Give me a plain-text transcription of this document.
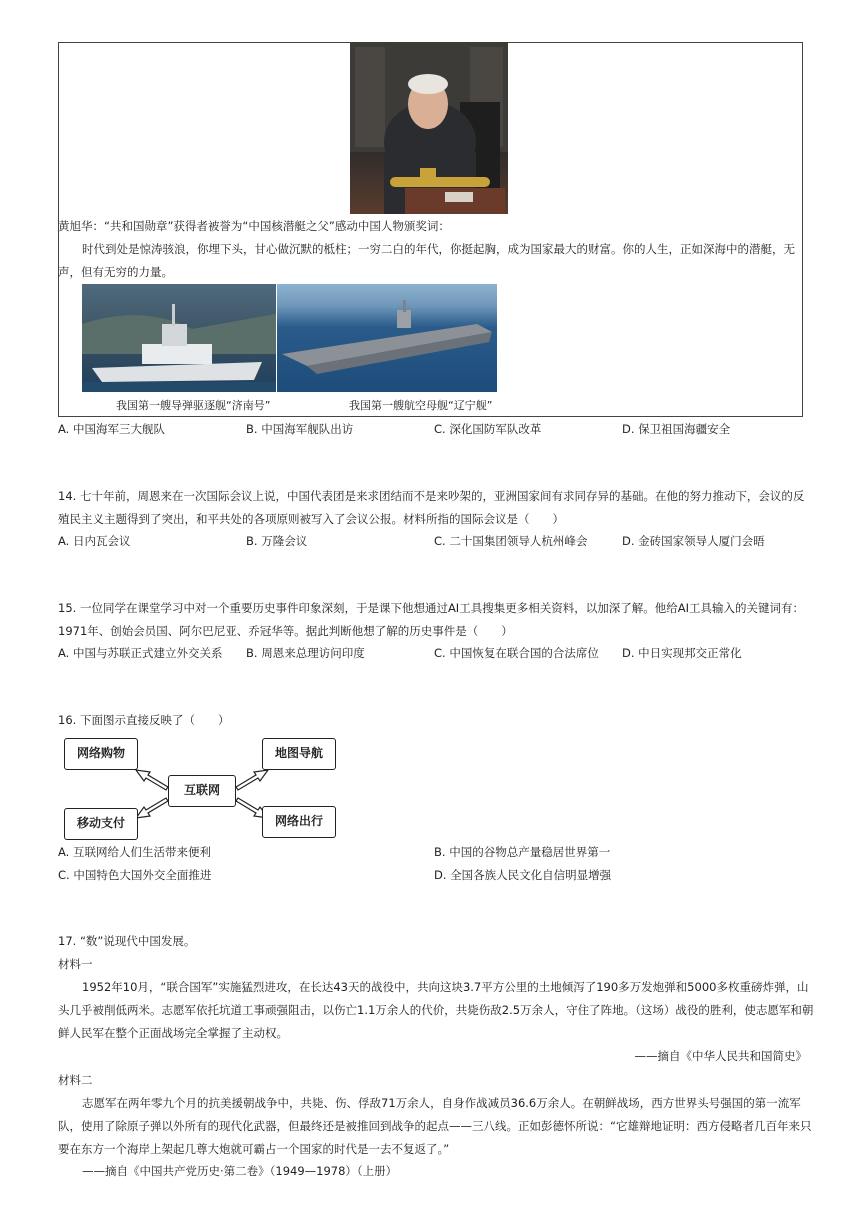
黄旭华：“共和国勋章”获得者被誉为“中国核潜艇之父”感动中国人物颁奖词：
时代到处是惊涛骇浪，你埋下头，甘心做沉默的柢柱；一穷二白的年代，你挺起胸，成为国家最大的财富。你的人生，正如深海中的潜艇，无声，但有无穷的力量。
我国第一艘导弹驱逐舰“济南号”	我国第一艘航空母舰“辽宁舰”
A. 中国海军三大舰队	B. 中国海军舰队出访	C. 深化国防军队改革	D. 保卫祖国海疆安全
14. 七十年前，周恩来在一次国际会议上说，中国代表团是来求团结而不是来吵架的，亚洲国家间有求同存异的基础。在他的努力推动下，会议的反殖民主义主题得到了突出，和平共处的各项原则被写入了会议公报。材料所指的国际会议是（　　）
A. 日内瓦会议	B. 万隆会议	C. 二十国集团领导人杭州峰会	D. 金砖国家领导人厦门会晤
15. 一位同学在课堂学习中对一个重要历史事件印象深刻，于是课下他想通过AI工具搜集更多相关资料，以加深了解。他给AI工具输入的关键词有：1971年、创始会员国、阿尔巴尼亚、乔冠华等。据此判断他想了解的历史事件是（　　）
A. 中国与苏联正式建立外交关系 B. 周恩来总理访问印度	C. 中国恢复在联合国的合法席位 D. 中日实现邦交正常化
16. 下面图示直接反映了（　　）
互联网
网络购物	地图导航
移动支付	网络出行
A. 互联网给人们生活带来便利	B. 中国的谷物总产量稳居世界第一
C. 中国特色大国外交全面推进	D. 全国各族人民文化自信明显增强
17. “数”说现代中国发展。
材料一
1952年10月，“联合国军”实施猛烈进攻，在长达43天的战役中，共向这块3.7平方公里的土地倾泻了190多万发炮弹和5000多枚重磅炸弹，山头几乎被削低两米。志愿军依托坑道工事顽强阻击，以伤亡1.1万余人的代价，共毙伤敌2.5万余人，守住了阵地。（这场）战役的胜利，使志愿军和朝鲜人民军在整个正面战场完全掌握了主动权。
——摘自《中华人民共和国简史》
材料二
志愿军在两年零九个月的抗美援朝战争中，共毙、伤、俘敌71万余人，自身作战减员36.6万余人。在朝鲜战场，西方世界头号强国的第一流军队，使用了除原子弹以外所有的现代化武器，但最终还是被推回到战争的起点——三八线。正如彭德怀所说：“它雄辩地证明：西方侵略者几百年来只要在东方一个海岸上架起几尊大炮就可霸占一个国家的时代是一去不复返了。”
——摘自《中国共产党历史·第二卷》（1949—1978）（上册）
